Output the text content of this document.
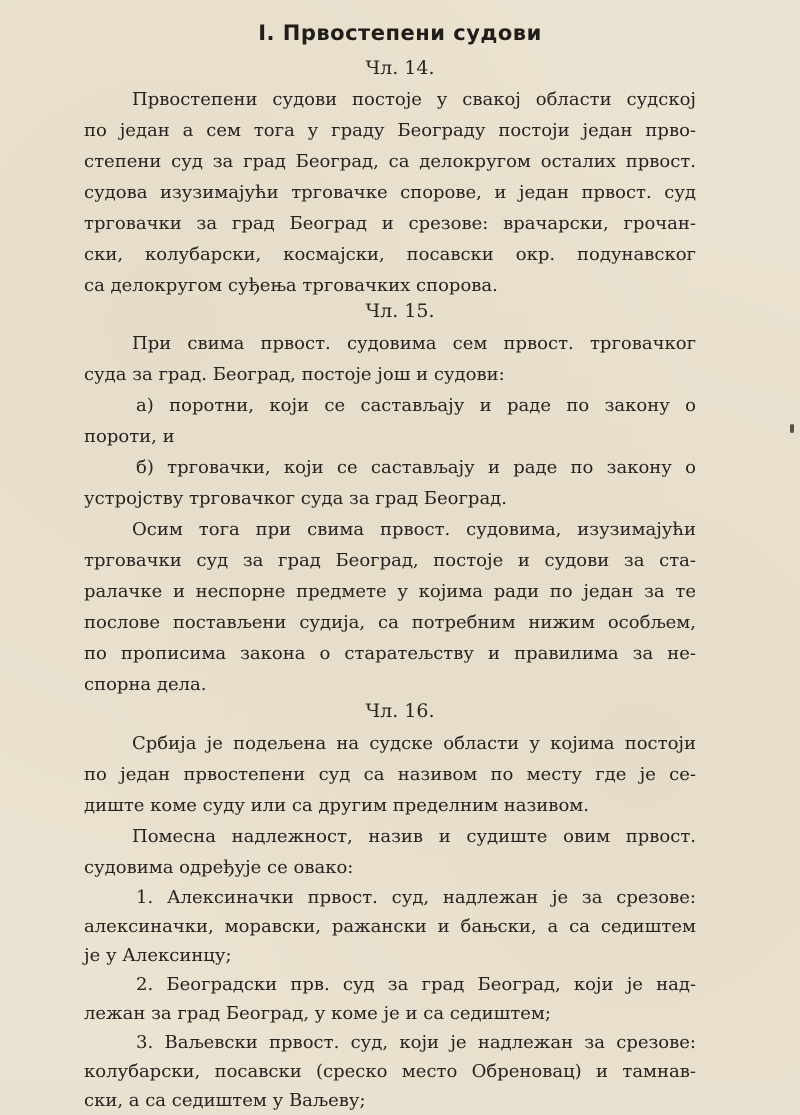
I. Првостепени судови
Чл. 14.
Првостепени судови постоје у свакој области судској
по један а сем тога у граду Београду постоји један прво-
степени суд за град Београд, са делокругом осталих првост.
судова изузимајући трговачке спорове, и један првост. суд
трговачки за град Београд и срезове: врачарски, грочан-
ски, колубарски, космајски, посавски окр. подунавског
са делокругом суђења трговачких спорова.
Чл. 15.
При свима првост. судовима сем првост. трговачког
суда за град. Београд, постоје још и судови:
а) поротни, који се састављају и раде по закону о
пороти, и
б) трговачки, који се састављају и раде по закону о
устројству трговачког суда за град Београд.
Осим тога при свима првост. судовима, изузимајући
трговачки суд за град Београд, постоје и судови за ста-
ралачке и неспорне предмете у којима ради по један за те
послове постављени судија, са потребним нижим особљем,
по прописима закона о старатељству и правилима за не-
спорна дела.
Чл. 16.
Србија је подељена на судске области у којима постоји
по један првостепени суд са називом по месту где је се-
диште коме суду или са другим пределним називом.
Помесна надлежност, назив и судиште овим првост.
судовима одређује се овако:
1. Алексиначки првост. суд, надлежан је за срезове:
алексиначки, моравски, ражански и бањски, а са седиштем
је у Алексинцу;
2. Београдски прв. суд за град Београд, који је над-
лежан за град Београд, у коме је и са седиштем;
3. Ваљевски првост. суд, који је надлежан за срезове:
колубарски, посавски (среско место Обреновац) и тамнав-
ски, а са седиштем у Ваљеву;
